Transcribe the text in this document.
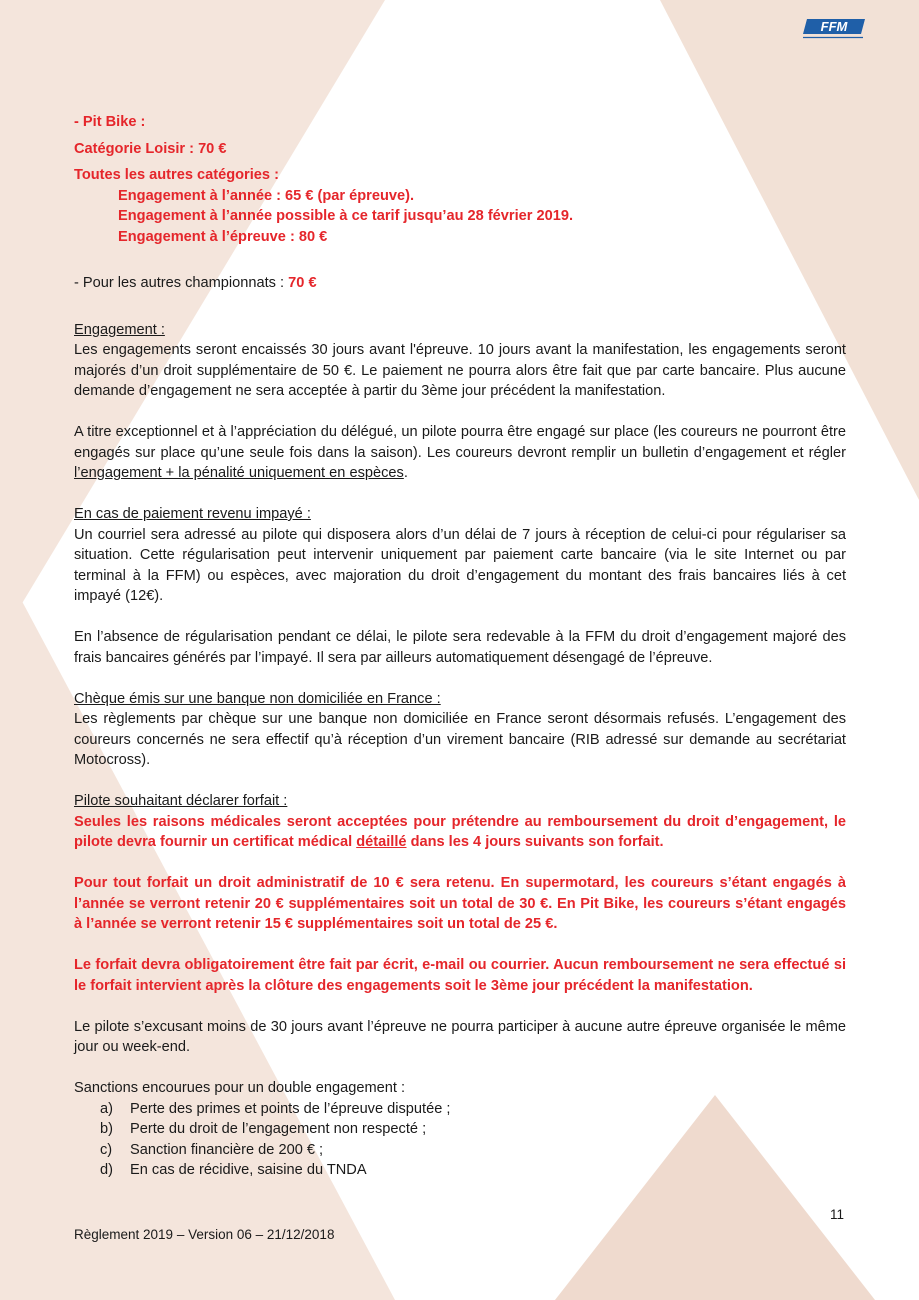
FFM

- Pit Bike :

Catégorie Loisir : 70 €

Toutes les autres catégories :

Engagement à l’année : 65 € (par épreuve).

Engagement à l’année possible à ce tarif jusqu’au 28 février 2019.

Engagement à l’épreuve : 80 €

- Pour les autres championnats : 70 €

Engagement :

Les engagements seront encaissés 30 jours avant l'épreuve. 10 jours avant la manifestation, les engagements seront majorés d’un droit supplémentaire de 50 €. Le paiement ne pourra alors être fait que par carte bancaire. Plus aucune demande d’engagement ne sera acceptée à partir du 3ème jour précédent la manifestation.

A titre exceptionnel et à l’appréciation du délégué, un pilote pourra être engagé sur place (les coureurs ne pourront être engagés sur place qu’une seule fois dans la saison). Les coureurs devront remplir un bulletin d’engagement et régler l’engagement + la pénalité uniquement en espèces.

En cas de paiement revenu impayé :

Un courriel sera adressé au pilote qui disposera alors d’un délai de 7 jours à réception de celui-ci pour régulariser sa situation. Cette régularisation peut intervenir uniquement par paiement carte bancaire (via le site Internet ou par terminal à la FFM) ou espèces, avec majoration du droit d’engagement du montant des frais bancaires liés à cet impayé (12€).

En l’absence de régularisation pendant ce délai, le pilote sera redevable à la FFM du droit d’engagement majoré des frais bancaires générés par l’impayé. Il sera par ailleurs automatiquement désengagé de l’épreuve.

Chèque émis sur une banque non domiciliée en France :

Les règlements par chèque sur une banque non domiciliée en France seront désormais refusés. L’engagement des coureurs concernés ne sera effectif qu’à réception d’un virement bancaire (RIB adressé sur demande au secrétariat Motocross).

Pilote souhaitant déclarer forfait :

Seules les raisons médicales seront acceptées pour prétendre au remboursement du droit d’engagement, le pilote devra fournir un certificat médical détaillé dans les 4 jours suivants son forfait.

Pour tout forfait un droit administratif de 10 € sera retenu. En supermotard, les coureurs s’étant engagés à l’année se verront retenir 20 € supplémentaires soit un total de 30 €. En Pit Bike, les coureurs s’étant engagés à l’année se verront retenir 15 € supplémentaires soit un total de 25 €.

Le forfait devra obligatoirement être fait par écrit, e-mail ou courrier. Aucun remboursement ne sera effectué si le forfait intervient après la clôture des engagements soit le 3ème jour précédent la manifestation.

Le pilote s’excusant moins de 30 jours avant l’épreuve ne pourra participer à aucune autre épreuve organisée le même jour ou week-end.

Sanctions encourues pour un double engagement :

a)	Perte des primes et points de l’épreuve disputée ;
b)	Perte du droit de l’engagement non respecté ;
c)	Sanction financière de 200 € ;
d)	En cas de récidive, saisine du TNDA
11
Règlement 2019 – Version 06 – 21/12/2018
